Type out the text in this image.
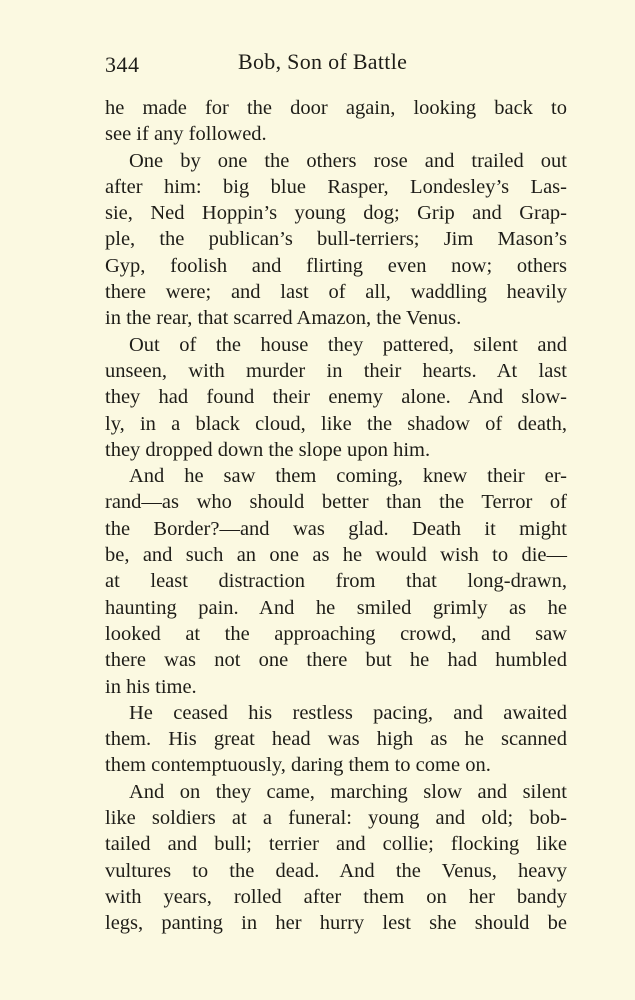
344	Bob, Son of Battle
he made for the door again, looking back to
see if any followed.
One by one the others rose and trailed out
after him: big blue Rasper, Londesley’s Las-
sie, Ned Hoppin’s young dog; Grip and Grap-
ple, the publican’s bull-terriers; Jim Mason’s
Gyp, foolish and flirting even now; others
there were; and last of all, waddling heavily
in the rear, that scarred Amazon, the Venus.
Out of the house they pattered, silent and
unseen, with murder in their hearts. At last
they had found their enemy alone. And slow-
ly, in a black cloud, like the shadow of death,
they dropped down the slope upon him.
And he saw them coming, knew their er-
rand—as who should better than the Terror of
the Border?—and was glad. Death it might
be, and such an one as he would wish to die—
at least distraction from that long-drawn,
haunting pain. And he smiled grimly as he
looked at the approaching crowd, and saw
there was not one there but he had humbled
in his time.
He ceased his restless pacing, and awaited
them. His great head was high as he scanned
them contemptuously, daring them to come on.
And on they came, marching slow and silent
like soldiers at a funeral: young and old; bob-
tailed and bull; terrier and collie; flocking like
vultures to the dead. And the Venus, heavy
with years, rolled after them on her bandy
legs, panting in her hurry lest she should be
